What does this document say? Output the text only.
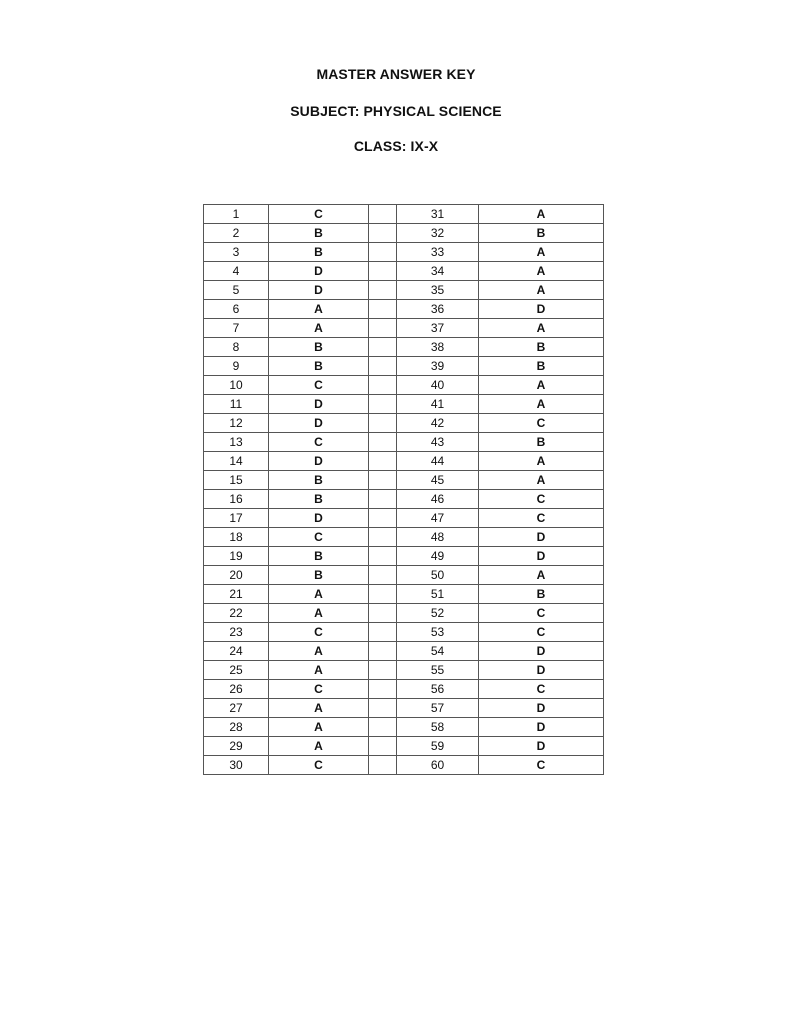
MASTER ANSWER KEY
SUBJECT: PHYSICAL SCIENCE
CLASS: IX-X
1	C		31	A
2	B		32	B
3	B		33	A
4	D		34	A
5	D		35	A
6	A		36	D
7	A		37	A
8	B		38	B
9	B		39	B
10	C		40	A
11	D		41	A
12	D		42	C
13	C		43	B
14	D		44	A
15	B		45	A
16	B		46	C
17	D		47	C
18	C		48	D
19	B		49	D
20	B		50	A
21	A		51	B
22	A		52	C
23	C		53	C
24	A		54	D
25	A		55	D
26	C		56	C
27	A		57	D
28	A		58	D
29	A		59	D
30	C		60	C
